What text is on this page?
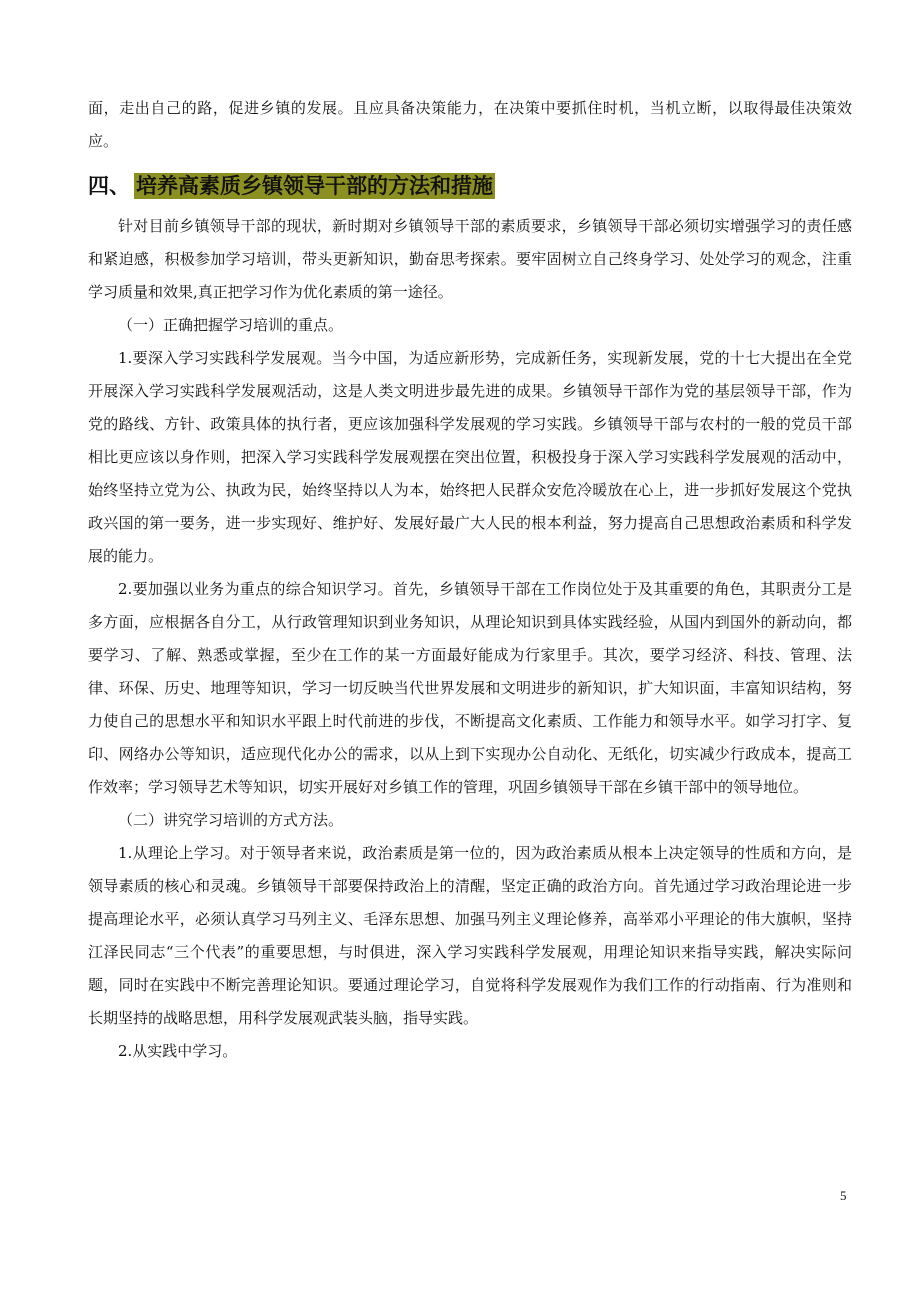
面，走出自己的路，促进乡镇的发展。且应具备决策能力，在决策中要抓住时机，当机立断，以取得最佳决策效应。

四、 培养高素质乡镇领导干部的方法和措施

针对目前乡镇领导干部的现状，新时期对乡镇领导干部的素质要求，乡镇领导干部必须切实增强学习的责任感和紧迫感，积极参加学习培训，带头更新知识，勤奋思考探索。要牢固树立自己终身学习、处处学习的观念，注重学习质量和效果,真正把学习作为优化素质的第一途径。

（一）正确把握学习培训的重点。

1.要深入学习实践科学发展观。当今中国，为适应新形势，完成新任务，实现新发展，党的十七大提出在全党开展深入学习实践科学发展观活动，这是人类文明进步最先进的成果。乡镇领导干部作为党的基层领导干部，作为党的路线、方针、政策具体的执行者，更应该加强科学发展观的学习实践。乡镇领导干部与农村的一般的党员干部相比更应该以身作则，把深入学习实践科学发展观摆在突出位置，积极投身于深入学习实践科学发展观的活动中，始终坚持立党为公、执政为民，始终坚持以人为本，始终把人民群众安危冷暖放在心上，进一步抓好发展这个党执政兴国的第一要务，进一步实现好、维护好、发展好最广大人民的根本利益，努力提高自己思想政治素质和科学发展的能力。

2.要加强以业务为重点的综合知识学习。首先，乡镇领导干部在工作岗位处于及其重要的角色，其职责分工是多方面，应根据各自分工，从行政管理知识到业务知识，从理论知识到具体实践经验，从国内到国外的新动向，都要学习、了解、熟悉或掌握，至少在工作的某一方面最好能成为行家里手。其次，要学习经济、科技、管理、法律、环保、历史、地理等知识，学习一切反映当代世界发展和文明进步的新知识，扩大知识面，丰富知识结构，努力使自己的思想水平和知识水平跟上时代前进的步伐，不断提高文化素质、工作能力和领导水平。如学习打字、复印、网络办公等知识，适应现代化办公的需求，以从上到下实现办公自动化、无纸化，切实减少行政成本，提高工作效率；学习领导艺术等知识，切实开展好对乡镇工作的管理，巩固乡镇领导干部在乡镇干部中的领导地位。

（二）讲究学习培训的方式方法。

1.从理论上学习。对于领导者来说，政治素质是第一位的，因为政治素质从根本上决定领导的性质和方向，是领导素质的核心和灵魂。乡镇领导干部要保持政治上的清醒，坚定正确的政治方向。首先通过学习政治理论进一步提高理论水平，必须认真学习马列主义、毛泽东思想、加强马列主义理论修养，高举邓小平理论的伟大旗帜，坚持江泽民同志“三个代表”的重要思想，与时俱进，深入学习实践科学发展观，用理论知识来指导实践，解决实际问题，同时在实践中不断完善理论知识。要通过理论学习，自觉将科学发展观作为我们工作的行动指南、行为准则和长期坚持的战略思想，用科学发展观武装头脑，指导实践。

2.从实践中学习。

5
